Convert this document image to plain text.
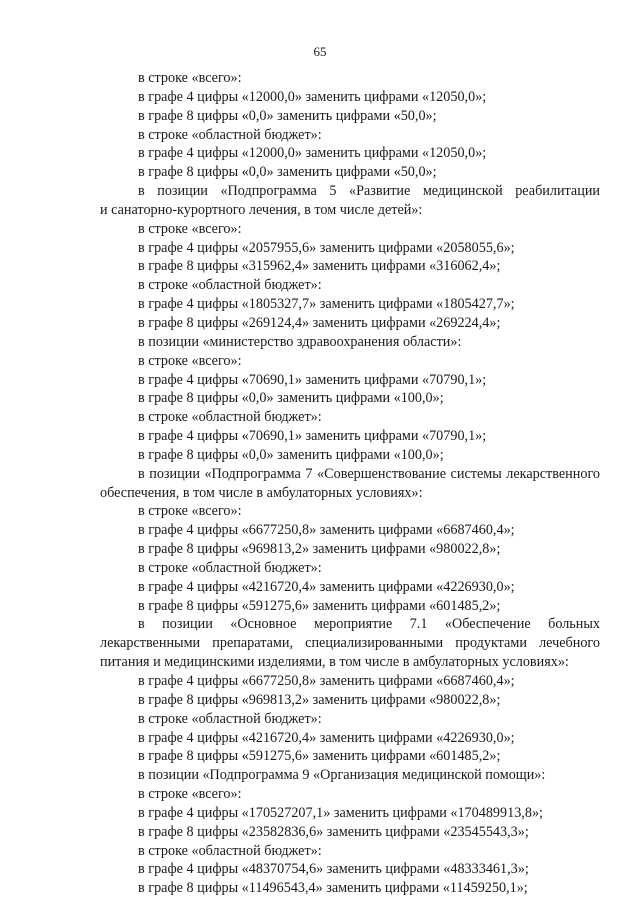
65
в строке «всего»:
в графе 4 цифры «12000,0» заменить цифрами «12050,0»;
в графе 8 цифры «0,0» заменить цифрами «50,0»;
в строке «областной бюджет»:
в графе 4 цифры «12000,0» заменить цифрами «12050,0»;
в графе 8 цифры «0,0» заменить цифрами «50,0»;
в позиции «Подпрограмма 5 «Развитие медицинской реабилитации
и санаторно-курортного лечения, в том числе детей»:
в строке «всего»:
в графе 4 цифры «2057955,6» заменить цифрами «2058055,6»;
в графе 8 цифры «315962,4» заменить цифрами «316062,4»;
в строке «областной бюджет»:
в графе 4 цифры «1805327,7» заменить цифрами «1805427,7»;
в графе 8 цифры «269124,4» заменить цифрами «269224,4»;
в позиции «министерство здравоохранения области»:
в строке «всего»:
в графе 4 цифры «70690,1» заменить цифрами «70790,1»;
в графе 8 цифры «0,0» заменить цифрами «100,0»;
в строке «областной бюджет»:
в графе 4 цифры «70690,1» заменить цифрами «70790,1»;
в графе 8 цифры «0,0» заменить цифрами «100,0»;
в позиции «Подпрограмма 7 «Совершенствование системы лекарственного
обеспечения, в том числе в амбулаторных условиях»:
в строке «всего»:
в графе 4 цифры «6677250,8» заменить цифрами «6687460,4»;
в графе 8 цифры «969813,2» заменить цифрами «980022,8»;
в строке «областной бюджет»:
в графе 4 цифры «4216720,4» заменить цифрами «4226930,0»;
в графе 8 цифры «591275,6» заменить цифрами «601485,2»;
в позиции «Основное мероприятие 7.1 «Обеспечение больных
лекарственными препаратами, специализированными продуктами лечебного
питания и медицинскими изделиями, в том числе в амбулаторных условиях»:
в графе 4 цифры «6677250,8» заменить цифрами «6687460,4»;
в графе 8 цифры «969813,2» заменить цифрами «980022,8»;
в строке «областной бюджет»:
в графе 4 цифры «4216720,4» заменить цифрами «4226930,0»;
в графе 8 цифры «591275,6» заменить цифрами «601485,2»;
в позиции «Подпрограмма 9 «Организация медицинской помощи»:
в строке «всего»:
в графе 4 цифры «170527207,1» заменить цифрами «170489913,8»;
в графе 8 цифры «23582836,6» заменить цифрами «23545543,3»;
в строке «областной бюджет»:
в графе 4 цифры «48370754,6» заменить цифрами «48333461,3»;
в графе 8 цифры «11496543,4» заменить цифрами «11459250,1»;
